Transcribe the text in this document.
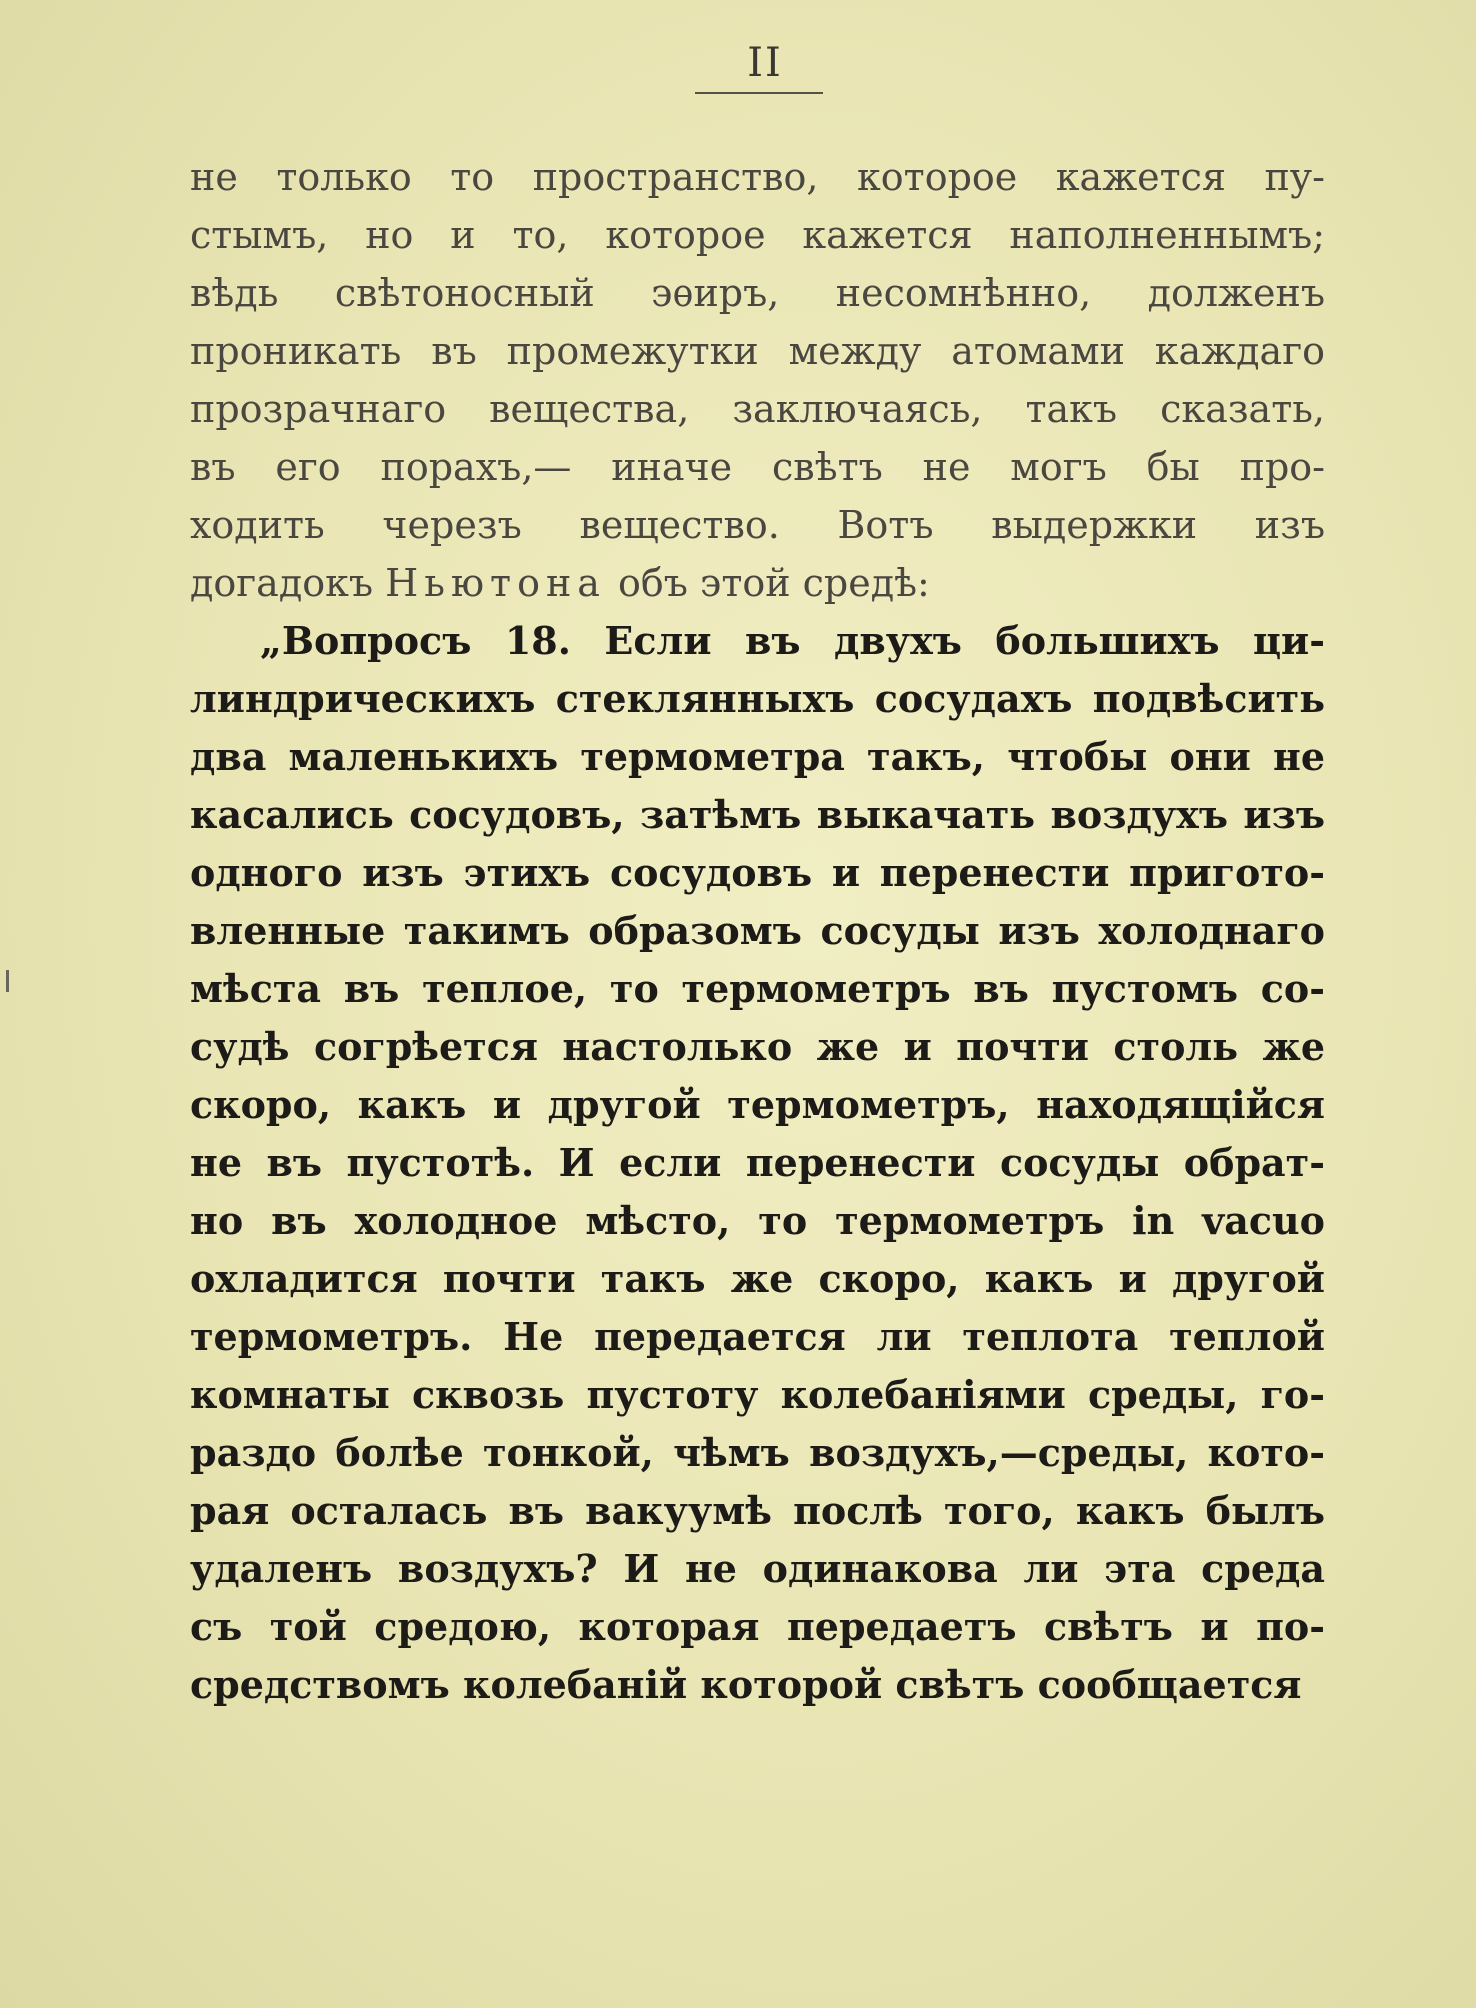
II
не только то пространство, которое кажется пу-
стымъ, но и то, которое кажется наполненнымъ;
вѣдь свѣтоносный эѳиръ, несомнѣнно, долженъ
проникать въ промежутки между атомами каждаго
прозрачнаго вещества, заключаясь, такъ сказать,
въ его порахъ,— иначе свѣтъ не могъ бы про-
ходить черезъ вещество. Вотъ выдержки изъ
догадокъ Ньютона объ этой средѣ:
„Вопросъ 18. Если въ двухъ большихъ ци-
линдрическихъ стеклянныхъ сосудахъ подвѣсить
два маленькихъ термометра такъ, чтобы они не
касались сосудовъ, затѣмъ выкачать воздухъ изъ
одного изъ этихъ сосудовъ и перенести пригото-
вленные такимъ образомъ сосуды изъ холоднаго
мѣста въ теплое, то термометръ въ пустомъ со-
судѣ согрѣется настолько же и почти столь же
скоро, какъ и другой термометръ, находящійся
не въ пустотѣ. И если перенести сосуды обрат-
но въ холодное мѣсто, то термометръ in vacuo
охладится почти такъ же скоро, какъ и другой
термометръ. Не передается ли теплота теплой
комнаты сквозь пустоту колебаніями среды, го-
раздо болѣе тонкой, чѣмъ воздухъ,—среды, кото-
рая осталась въ вакуумѣ послѣ того, какъ былъ
удаленъ воздухъ? И не одинакова ли эта среда
съ той средою, которая передаетъ свѣтъ и по-
средствомъ колебаній которой свѣтъ сообщается
